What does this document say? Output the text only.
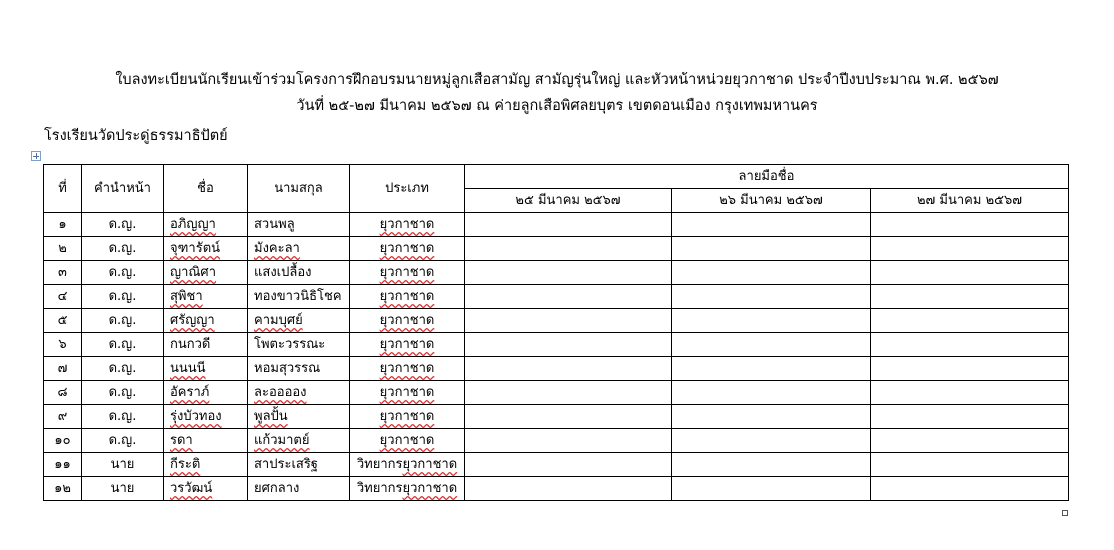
ใบลงทะเบียนนักเรียนเข้าร่วมโครงการฝึกอบรมนายหมู่ลูกเสือสามัญ สามัญรุ่นใหญ่ และหัวหน้าหน่วยยุวกาชาด ประจำปีงบประมาณ พ.ศ. ๒๕๖๗
วันที่ ๒๕-๒๗ มีนาคม ๒๕๖๗ ณ ค่ายลูกเสือพิศลยบุตร เขตดอนเมือง กรุงเทพมหานคร
โรงเรียนวัดประดู่ธรรมาธิปัตย์
ที่	คำนำหน้า	ชื่อ	นามสกุล	ประเภท	ลายมือชื่อ		
					๒๕ มีนาคม ๒๕๖๗	๒๖ มีนาคม ๒๕๖๗	๒๗ มีนาคม ๒๕๖๗
๑	ด.ญ.	อภิญญา	สวนพลู	ยุวกาชาด			
๒	ด.ญ.	จุฑารัตน์	มังคะลา	ยุวกาชาด			
๓	ด.ญ.	ญาณิศา	แสงเปลื้อง	ยุวกาชาด			
๔	ด.ญ.	สุพิชา	ทองขาวนิธิโชค	ยุวกาชาด			
๕	ด.ญ.	ศรัญญา	คามบุศย์	ยุวกาชาด			
๖	ด.ญ.	กนกวดี	โพตะวรรณะ	ยุวกาชาด			
๗	ด.ญ.	นนนนี	หอมสุวรรณ	ยุวกาชาด			
๘	ด.ญ.	อัคราภ์	ละออออง	ยุวกาชาด			
๙	ด.ญ.	รุ่งบัวทอง	พูลปั้น	ยุวกาชาด			
๑๐	ด.ญ.	รดา	แก้วมาตย์	ยุวกาชาด			
๑๑	นาย	กีระติ	สาประเสริฐ	วิทยากรยุวกาชาด			
๑๒	นาย	วรวัฒน์	ยศกลาง	วิทยากรยุวกาชาด			
